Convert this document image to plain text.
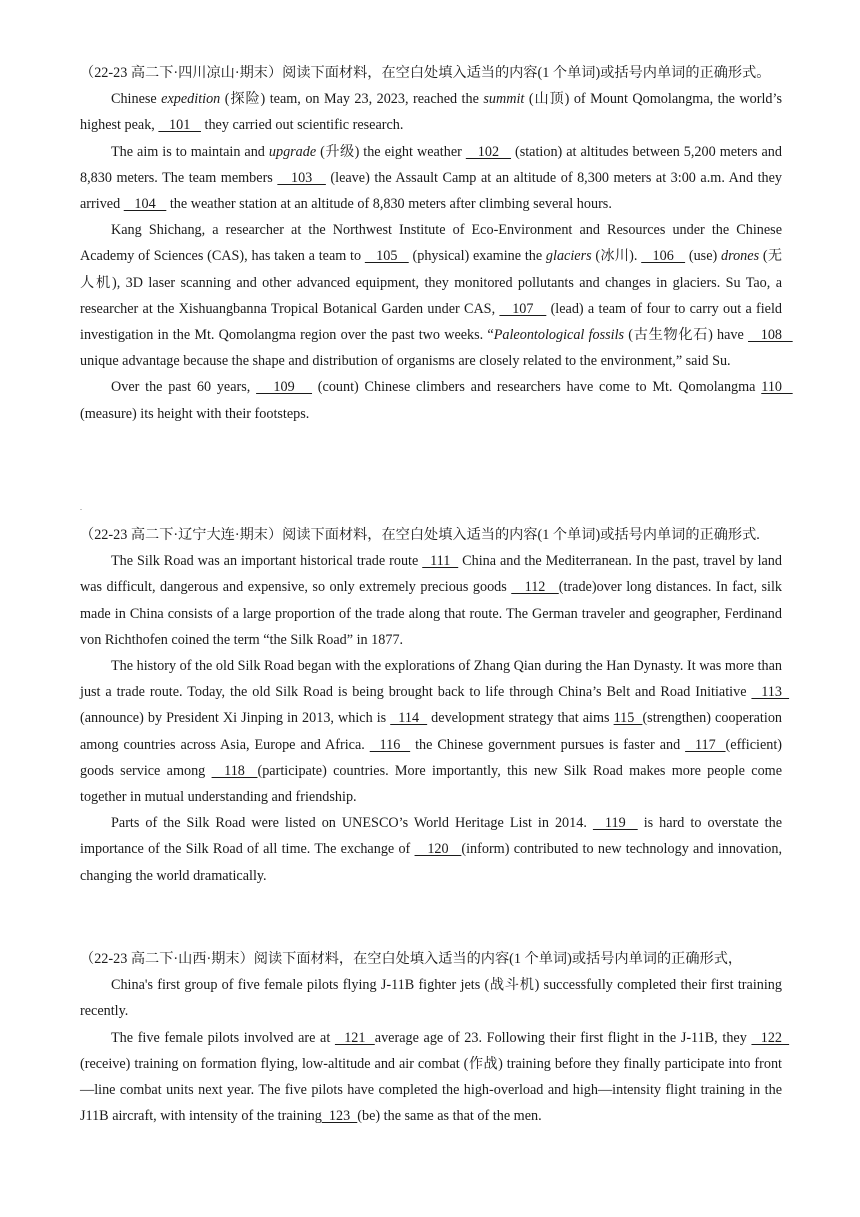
（22-23 高二下·四川凉山·期末）阅读下面材料，在空白处填入适当的内容(1 个单词)或括号内单词的正确形式。

Chinese expedition (探险) team, on May 23, 2023, reached the summit (山顶) of Mount Qomolangma, the world’s highest peak,    101    they carried out scientific research.

The aim is to maintain and upgrade (升级) the eight weather    102    (station) at altitudes between 5,200 meters and 8,830 meters. The team members    103    (leave) the Assault Camp at an altitude of 8,300 meters at 3:00 a.m. And they arrived    104    the weather station at an altitude of 8,830 meters after climbing several hours.

Kang Shichang, a researcher at the Northwest Institute of Eco-Environment and Resources under the Chinese Academy of Sciences (CAS), has taken a team to    105    (physical) examine the glaciers (冰川).    106    (use) drones (无人机), 3D laser scanning and other advanced equipment, they monitored pollutants and changes in glaciers. Su Tao, a researcher at the Xishuangbanna Tropical Botanical Garden under CAS,    107    (lead) a team of four to carry out a field investigation in the Mt. Qomolangma region over the past two weeks. “Paleontological fossils (古生物化石) have    108    unique advantage because the shape and distribution of organisms are closely related to the environment,” said Su.

Over the past 60 years,    109    (count) Chinese climbers and researchers have come to Mt. Qomolangma 110    (measure) its height with their footsteps.

.

（22-23 高二下·辽宁大连·期末）阅读下面材料，在空白处填入适当的内容(1 个单词)或括号内单词的正确形式.

The Silk Road was an important historical trade route   111   China and the Mediterranean. In the past, travel by land was difficult, dangerous and expensive, so only extremely precious goods    112   (trade)over long distances. In fact, silk made in China consists of a large proportion of the trade along that route. The German traveler and geographer, Ferdinand von Richthofen coined the term “the Silk Road” in 1877.

The history of the old Silk Road began with the explorations of Zhang Qian during the Han Dynasty. It was more than just a trade route. Today, the old Silk Road is being brought back to life through China’s Belt and Road Initiative   113  (announce) by President Xi Jinping in 2013, which is   114   development strategy that aims 115  (strengthen) cooperation among countries across Asia, Europe and Africa.   116   the Chinese government pursues is faster and   117  (efficient) goods service among   118  (participate) countries. More importantly, this new Silk Road makes more people come together in mutual understanding and friendship.

Parts of the Silk Road were listed on UNESCO’s World Heritage List in 2014.   119   is hard to overstate the importance of the Silk Road of all time. The exchange of    120   (inform) contributed to new technology and innovation, changing the world dramatically.

（22-23 高二下·山西·期末）阅读下面材料，在空白处填入适当的内容(1 个单词)或括号内单词的正确形式，

China's first group of five female pilots flying J-11B fighter jets (战斗机) successfully completed their first training recently.

The five female pilots involved are at   121  average age of 23. Following their first flight in the J-11B, they   122  (receive) training on formation flying, low-altitude and air combat (作战) training before they finally participate into front—line combat units next year. The five pilots have completed the high-overload and high—intensity flight training in the J11B aircraft, with intensity of the training  123  (be) the same as that of the men.
